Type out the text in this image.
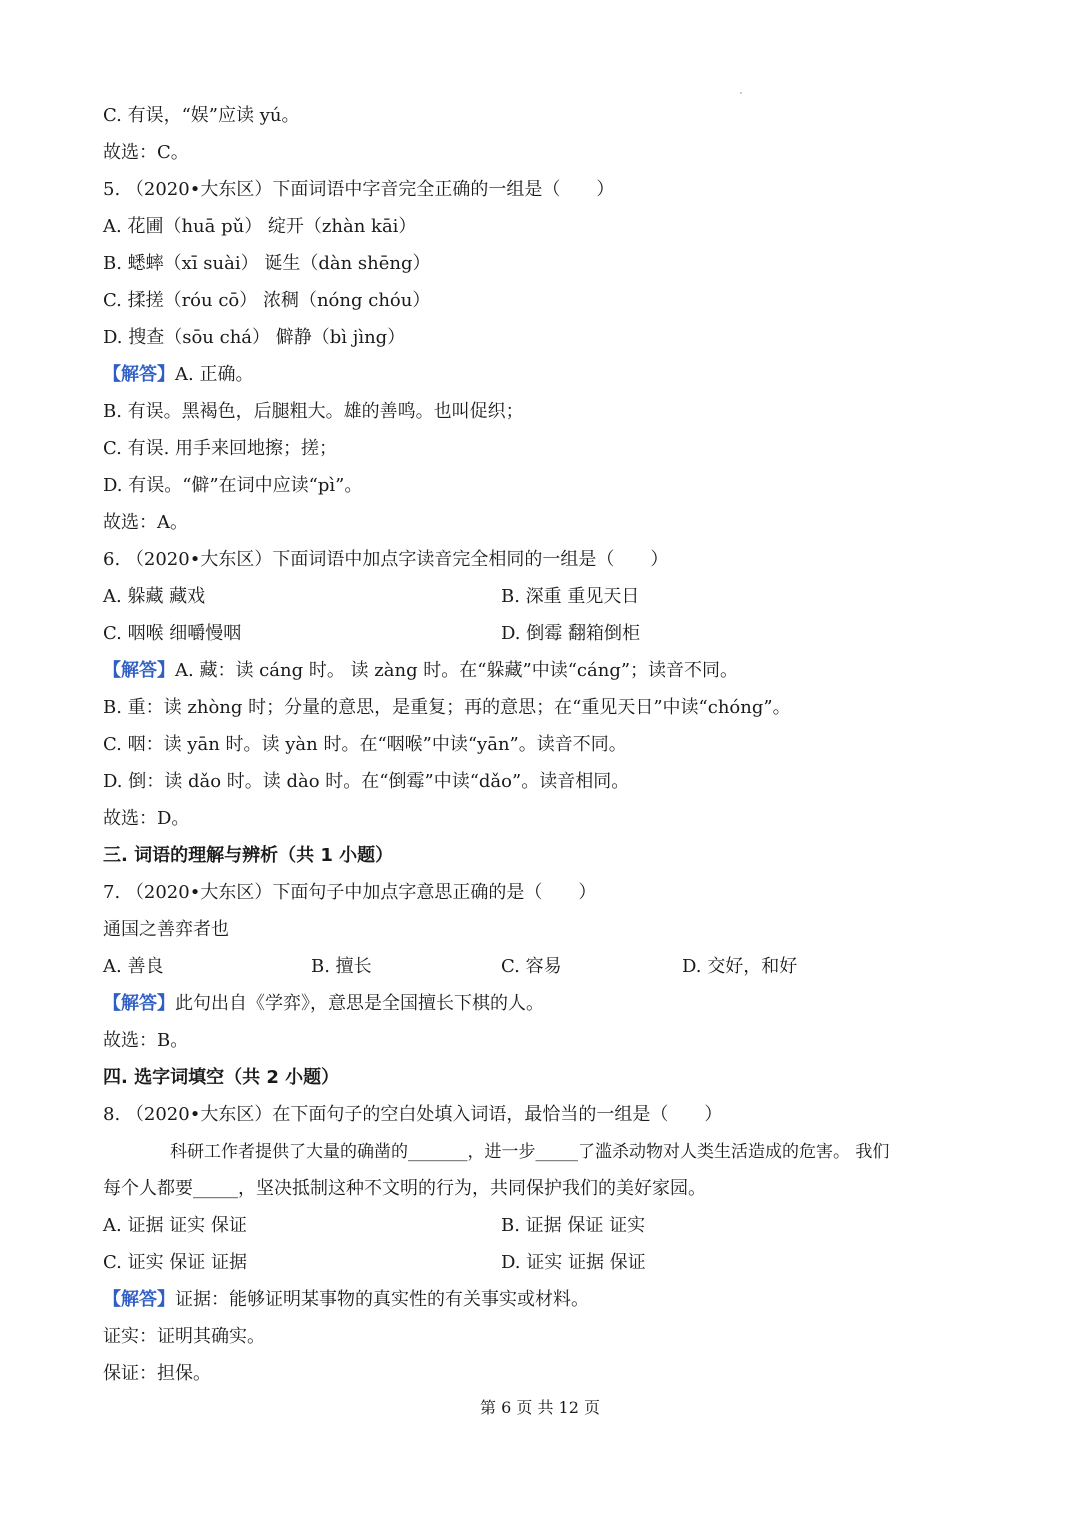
C. 有误，“娱”应读 yú。
故选：C。
5. （2020•大东区）下面词语中字音完全正确的一组是（　　）
A. 花圃（huā pǔ） 绽开（zhàn kāi）
B. 蟋蟀（xī suài） 诞生（dàn shēng）
C. 揉搓（róu cō） 浓稠（nóng chóu）
D. 搜查（sōu chá） 僻静（bì jìng）
【解答】A. 正确。
B. 有误。黑褐色，后腿粗大。雄的善鸣。也叫促织；
C. 有误. 用手来回地擦；搓；
D. 有误。“僻”在词中应读“pì”。
故选：A。
6. （2020•大东区）下面词语中加点字读音完全相同的一组是（　　）
A. 躲藏 藏戏	B. 深重 重见天日
C. 咽喉 细嚼慢咽	D. 倒霉 翻箱倒柜
【解答】A. 藏：读 cáng 时。 读 zàng 时。在“躲藏”中读“cáng”；读音不同。
B. 重：读 zhòng 时；分量的意思，是重复；再的意思；在“重见天日”中读“chóng”。
C. 咽：读 yān 时。读 yàn 时。在“咽喉”中读“yān”。读音不同。
D. 倒：读 dǎo 时。读 dào 时。在“倒霉”中读“dǎo”。读音相同。
故选：D。
三. 词语的理解与辨析（共 1 小题）
7. （2020•大东区）下面句子中加点字意思正确的是（　　）
通国之善弈者也
A. 善良	B. 擅长	C. 容易	D. 交好，和好
【解答】此句出自《学弈》，意思是全国擅长下棋的人。
故选：B。
四. 选字词填空（共 2 小题）
8. （2020•大东区）在下面句子的空白处填入词语，最恰当的一组是（　　）
科研工作者提供了大量的确凿的_______，进一步_____了滥杀动物对人类生活造成的危害。 我们
每个人都要_____，坚决抵制这种不文明的行为，共同保护我们的美好家园。
A. 证据 证实 保证	B. 证据 保证 证实
C. 证实 保证 证据	D. 证实 证据 保证
【解答】证据：能够证明某事物的真实性的有关事实或材料。
证实：证明其确实。
保证：担保。
第 6 页 共 12 页
